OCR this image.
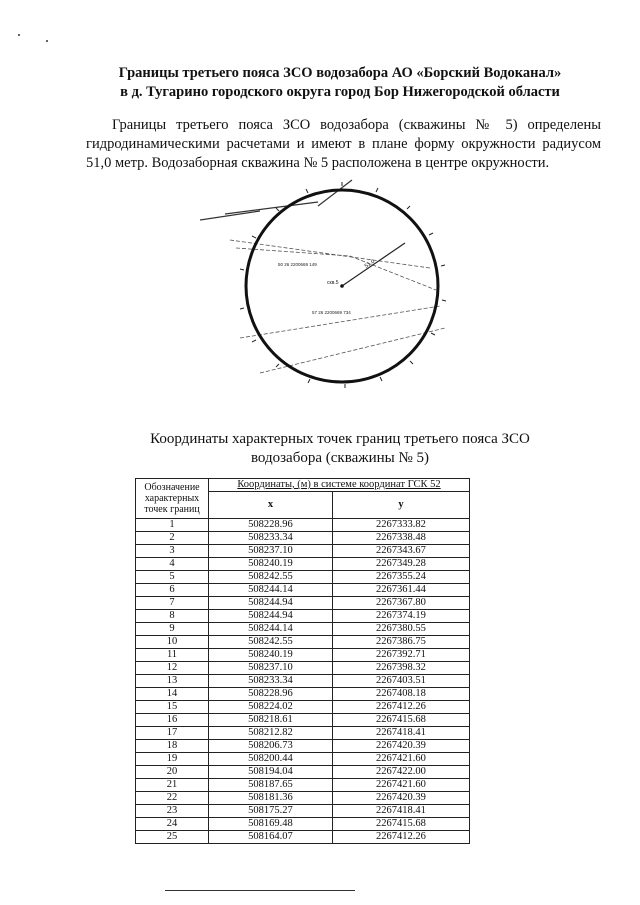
Границы третьего пояса ЗСО водозабора АО «Борский Водоканал»
в д. Тугарино городского округа город Бор Нижегородской области
Границы третьего пояса ЗСО водозабора (скважины № 5) определены гидродинамическими расчетами и имеют в плане форму окружности радиусом 51,0 метр. Водозаборная скважина № 5 расположена в центре окружности.
скв.5
51,0
50 26 2200669 149
57 26 2200669 734
Координаты характерных точек границ третьего пояса ЗСО
водозабора (скважины № 5)
Обозначение характерных точек границ	Координаты, (м) в системе координат ГСК 52	
	x	y
1	508228.96	2267333.82
2	508233.34	2267338.48
3	508237.10	2267343.67
4	508240.19	2267349.28
5	508242.55	2267355.24
6	508244.14	2267361.44
7	508244.94	2267367.80
8	508244.94	2267374.19
9	508244.14	2267380.55
10	508242.55	2267386.75
11	508240.19	2267392.71
12	508237.10	2267398.32
13	508233.34	2267403.51
14	508228.96	2267408.18
15	508224.02	2267412.26
16	508218.61	2267415.68
17	508212.82	2267418.41
18	508206.73	2267420.39
19	508200.44	2267421.60
20	508194.04	2267422.00
21	508187.65	2267421.60
22	508181.36	2267420.39
23	508175.27	2267418.41
24	508169.48	2267415.68
25	508164.07	2267412.26
